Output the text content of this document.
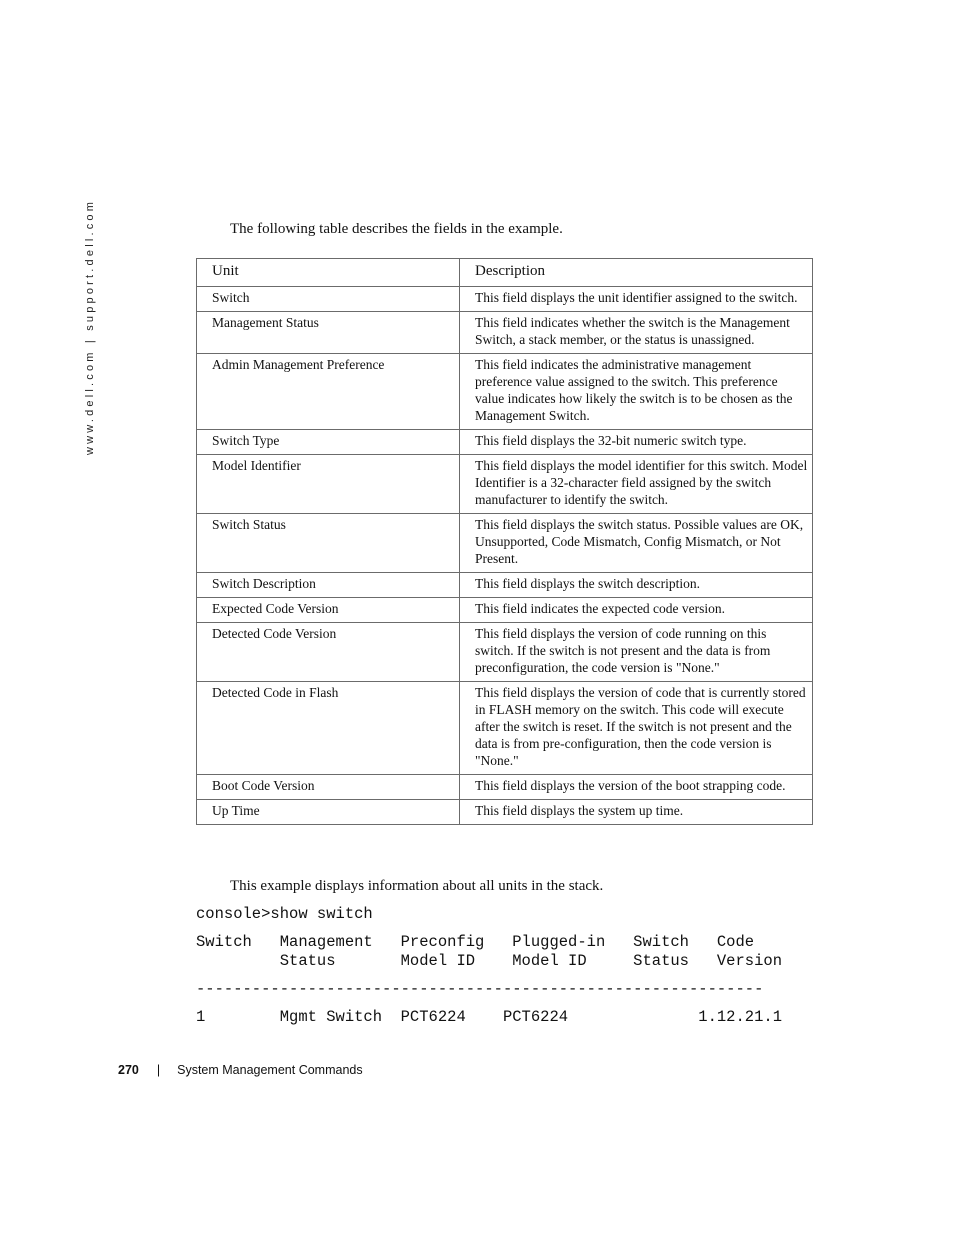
www.dell.com | support.dell.com	The following table describes the fields in the example.

Unit	Description
Switch	This field displays the unit identifier assigned to the switch.
Management Status	This field indicates whether the switch is the Management Switch, a stack member, or the status is unassigned.
Admin Management Preference	This field indicates the administrative management preference value assigned to the switch. This preference value indicates how likely the switch is to be chosen as the Management Switch.
Switch Type	This field displays the 32-bit numeric switch type.
Model Identifier	This field displays the model identifier for this switch. Model Identifier is a 32-character field assigned by the switch manufacturer to identify the switch.
Switch Status	This field displays the switch status. Possible values are OK, Unsupported, Code Mismatch, Config Mismatch, or Not Present.
Switch Description	This field displays the switch description.
Expected Code Version	This field indicates the expected code version.
Detected Code Version	This field displays the version of code running on this switch. If the switch is not present and the data is from preconfiguration, the code version is "None."
Detected Code in Flash	This field displays the version of code that is currently stored in FLASH memory on the switch. This code will execute after the switch is reset. If the switch is not present and the data is from pre-configuration, then the code version is "None."
Boot Code Version	This field displays the version of the boot strapping code.
Up Time	This field displays the system up time.

This example displays information about all units in the stack.

console>show switch
Switch   Management   Preconfig   Plugged-in   Switch   Code
Status       Model ID    Model ID     Status   Version
-------------------------------------------------------------
1        Mgmt Switch  PCT6224    PCT6224              1.12.21.1
270 | System Management Commands
